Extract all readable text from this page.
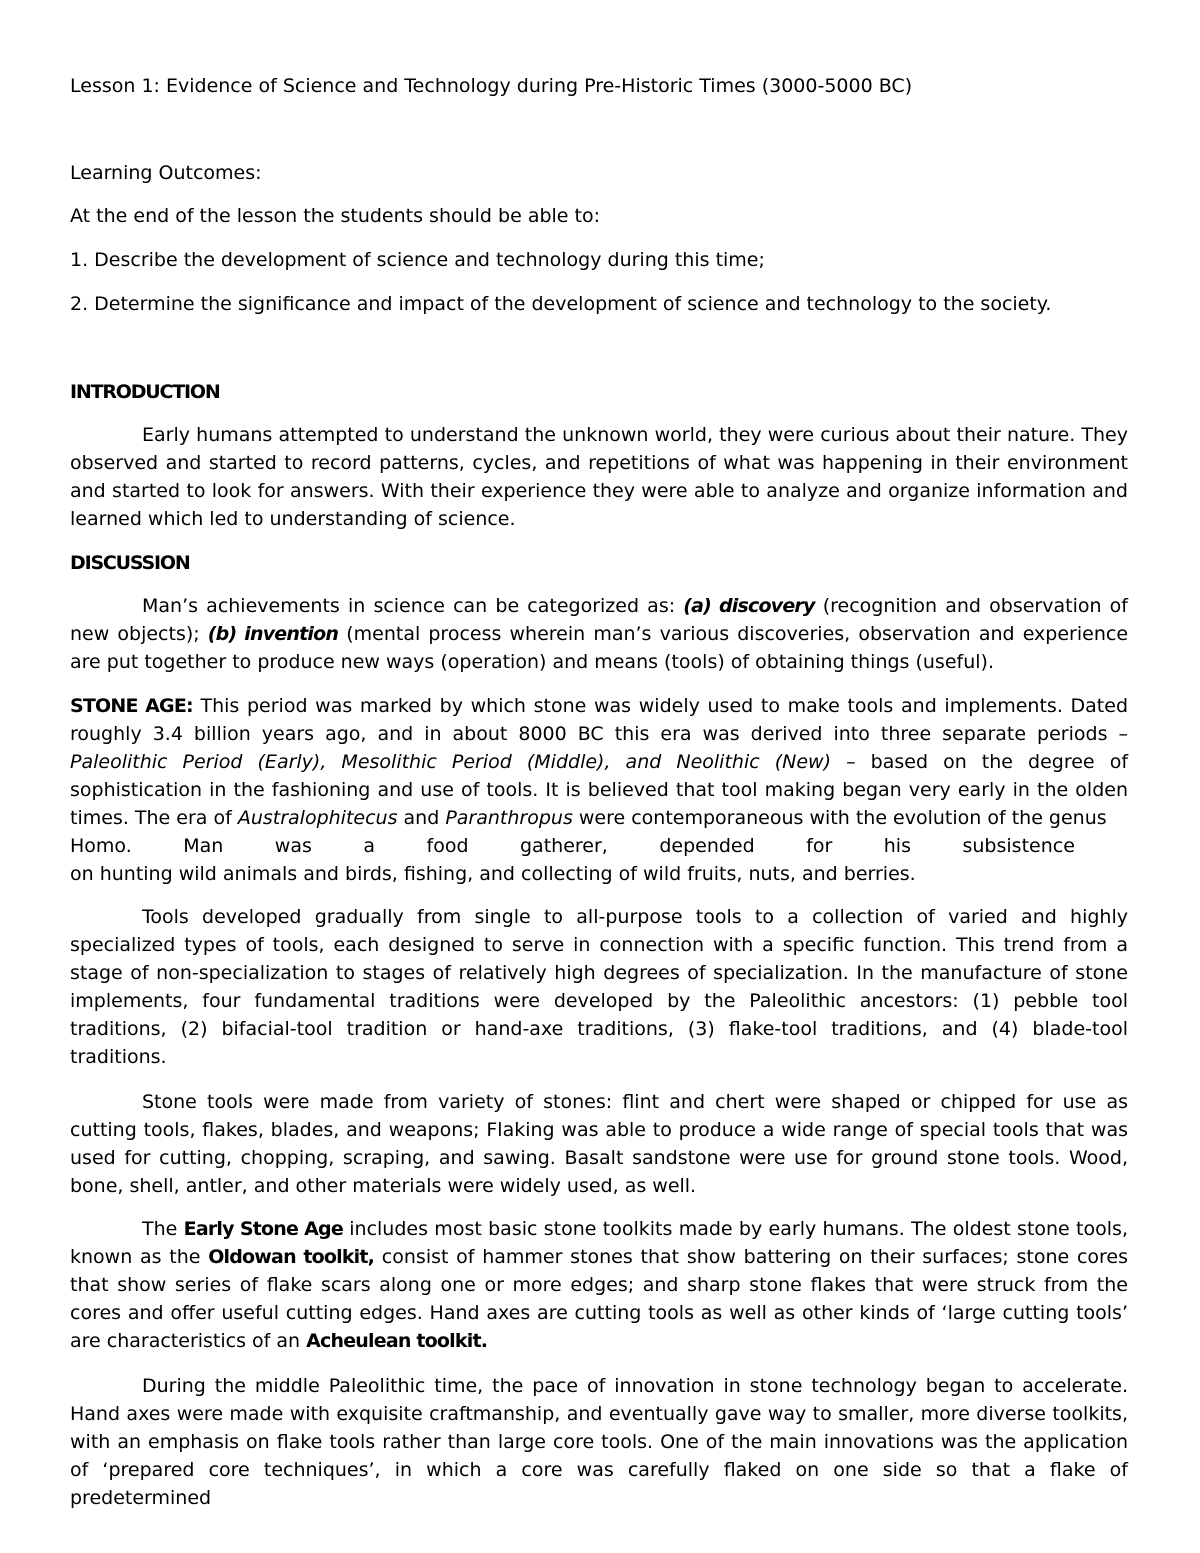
Lesson 1: Evidence of Science and Technology during Pre-Historic Times (3000-5000 BC)

Learning Outcomes:

At the end of the lesson the students should be able to:

1. Describe the development of science and technology during this time;

2. Determine the significance and impact of the development of science and technology to the society.

INTRODUCTION

Early humans attempted to understand the unknown world, they were curious about their nature. They observed and started to record patterns, cycles, and repetitions of what was happening in their environment and started to look for answers. With their experience they were able to analyze and organize information and learned which led to understanding of science.

DISCUSSION

Man’s achievements in science can be categorized as: (a) discovery (recognition and observation of new objects); (b) invention (mental process wherein man’s various discoveries, observation and experience are put together to produce new ways (operation) and means (tools) of obtaining things (useful).

STONE AGE: This period was marked by which stone was widely used to make tools and implements. Dated roughly 3.4 billion years ago, and in about 8000 BC this era was derived into three separate periods – Paleolithic Period (Early), Mesolithic Period (Middle), and Neolithic (New) – based on the degree of sophistication in the fashioning and use of tools. It is believed that tool making began very early in the olden times. The era of Australophitecus and Paranthropus were contemporaneous with the evolution of the genus

Homo.	Man	was	a	food	gatherer,	depended	for	his	subsistence

on hunting wild animals and birds, fishing, and collecting of wild fruits, nuts, and berries.

Tools developed gradually from single to all-purpose tools to a collection of varied and highly specialized types of tools, each designed to serve in connection with a specific function. This trend from a stage of non-specialization to stages of relatively high degrees of specialization. In the manufacture of stone implements, four fundamental traditions were developed by the Paleolithic ancestors: (1) pebble tool traditions, (2) bifacial-tool tradition or hand-axe traditions, (3) flake-tool traditions, and (4) blade-tool traditions.

Stone tools were made from variety of stones: flint and chert were shaped or chipped for use as cutting tools, flakes, blades, and weapons; Flaking was able to produce a wide range of special tools that was used for cutting, chopping, scraping, and sawing. Basalt sandstone were use for ground stone tools. Wood, bone, shell, antler, and other materials were widely used, as well.

The Early Stone Age includes most basic stone toolkits made by early humans. The oldest stone tools, known as the Oldowan toolkit, consist of hammer stones that show battering on their surfaces; stone cores that show series of flake scars along one or more edges; and sharp stone flakes that were struck from the cores and offer useful cutting edges. Hand axes are cutting tools as well as other kinds of ‘large cutting tools’ are characteristics of an Acheulean toolkit.

During the middle Paleolithic time, the pace of innovation in stone technology began to accelerate. Hand axes were made with exquisite craftmanship, and eventually gave way to smaller, more diverse toolkits, with an emphasis on flake tools rather than large core tools. One of the main innovations was the application of ‘prepared core techniques’, in which a core was carefully flaked on one side so that a flake of predetermined
